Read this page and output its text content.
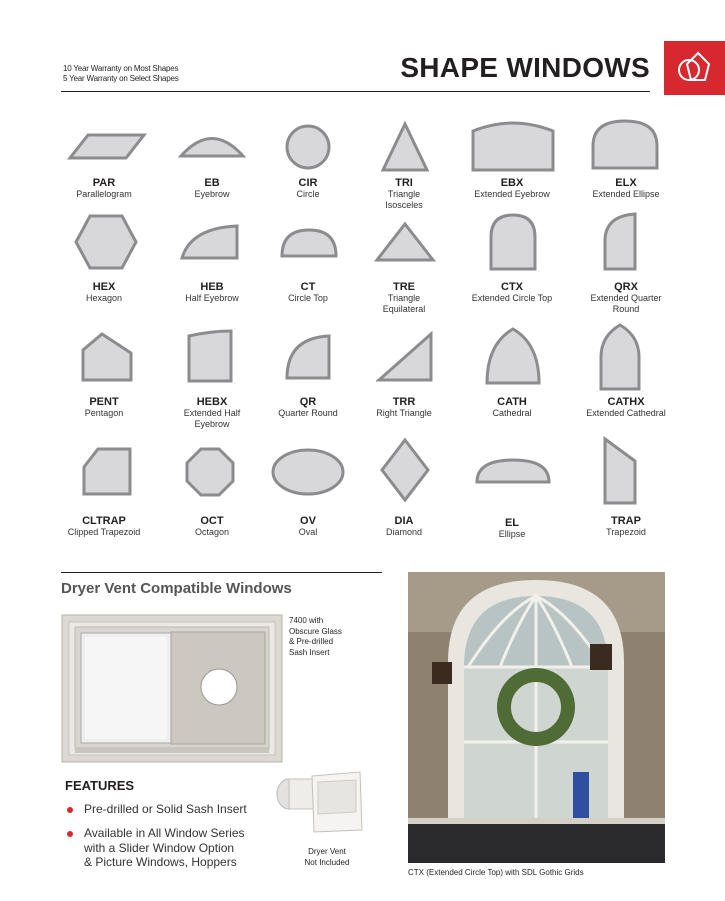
10 Year Warranty on Most Shapes
5 Year Warranty on Select Shapes	SHAPE WINDOWS
PAR
Parallelogram
EB
Eyebrow
CIR
Circle
TRI
Triangle
Isosceles
EBX
Extended Eyebrow
ELX
Extended Ellipse
HEX
Hexagon
HEB
Half Eyebrow
CT
Circle Top
TRE
Triangle
Equilateral
CTX
Extended Circle Top
QRX
Extended Quarter
Round
PENT
Pentagon
HEBX
Extended Half
Eyebrow
QR
Quarter Round
TRR
Right Triangle
CATH
Cathedral
CATHX
Extended Cathedral
CLTRAP
Clipped Trapezoid
OCT
Octagon
OV
Oval
DIA
Diamond
EL
Ellipse
TRAP
Trapezoid
Dryer Vent Compatible Windows
7400 with
Obscure Glass
& Pre-drilled
Sash Insert
FEATURES
Pre-drilled or Solid Sash Insert
Available in All Window Series
with a Slider Window Option
& Picture Windows, Hoppers
Dryer Vent
Not Included
CTX (Extended Circle Top) with SDL Gothic Grids
